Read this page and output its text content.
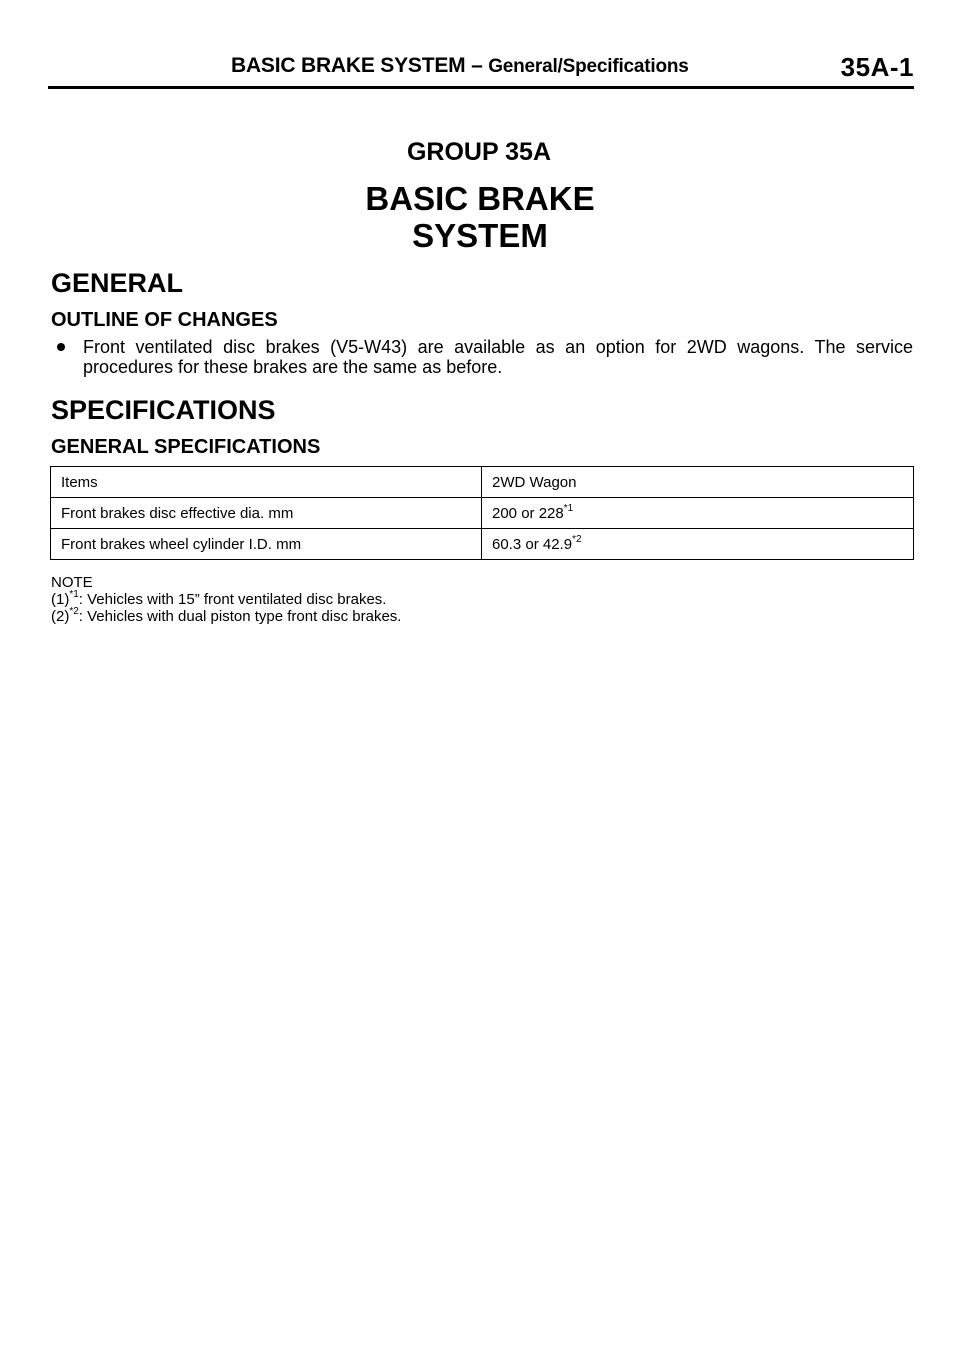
BASIC BRAKE SYSTEM – General/Specifications	35A-1
GROUP 35A
BASIC BRAKE
SYSTEM
GENERAL
OUTLINE OF CHANGES
Front ventilated disc brakes (V5-W43) are available as an option for 2WD wagons. The service procedures for these brakes are the same as before.
SPECIFICATIONS
GENERAL SPECIFICATIONS
Items	2WD Wagon
Front brakes disc effective dia. mm	200 or 228$^{*1}$
Front brakes wheel cylinder I.D. mm	60.3 or 42.9$^{*2}$
NOTE
$(1)^{*1}$: Vehicles with 15” front ventilated disc brakes.
$(2)^{*2}$: Vehicles with dual piston type front disc brakes.
